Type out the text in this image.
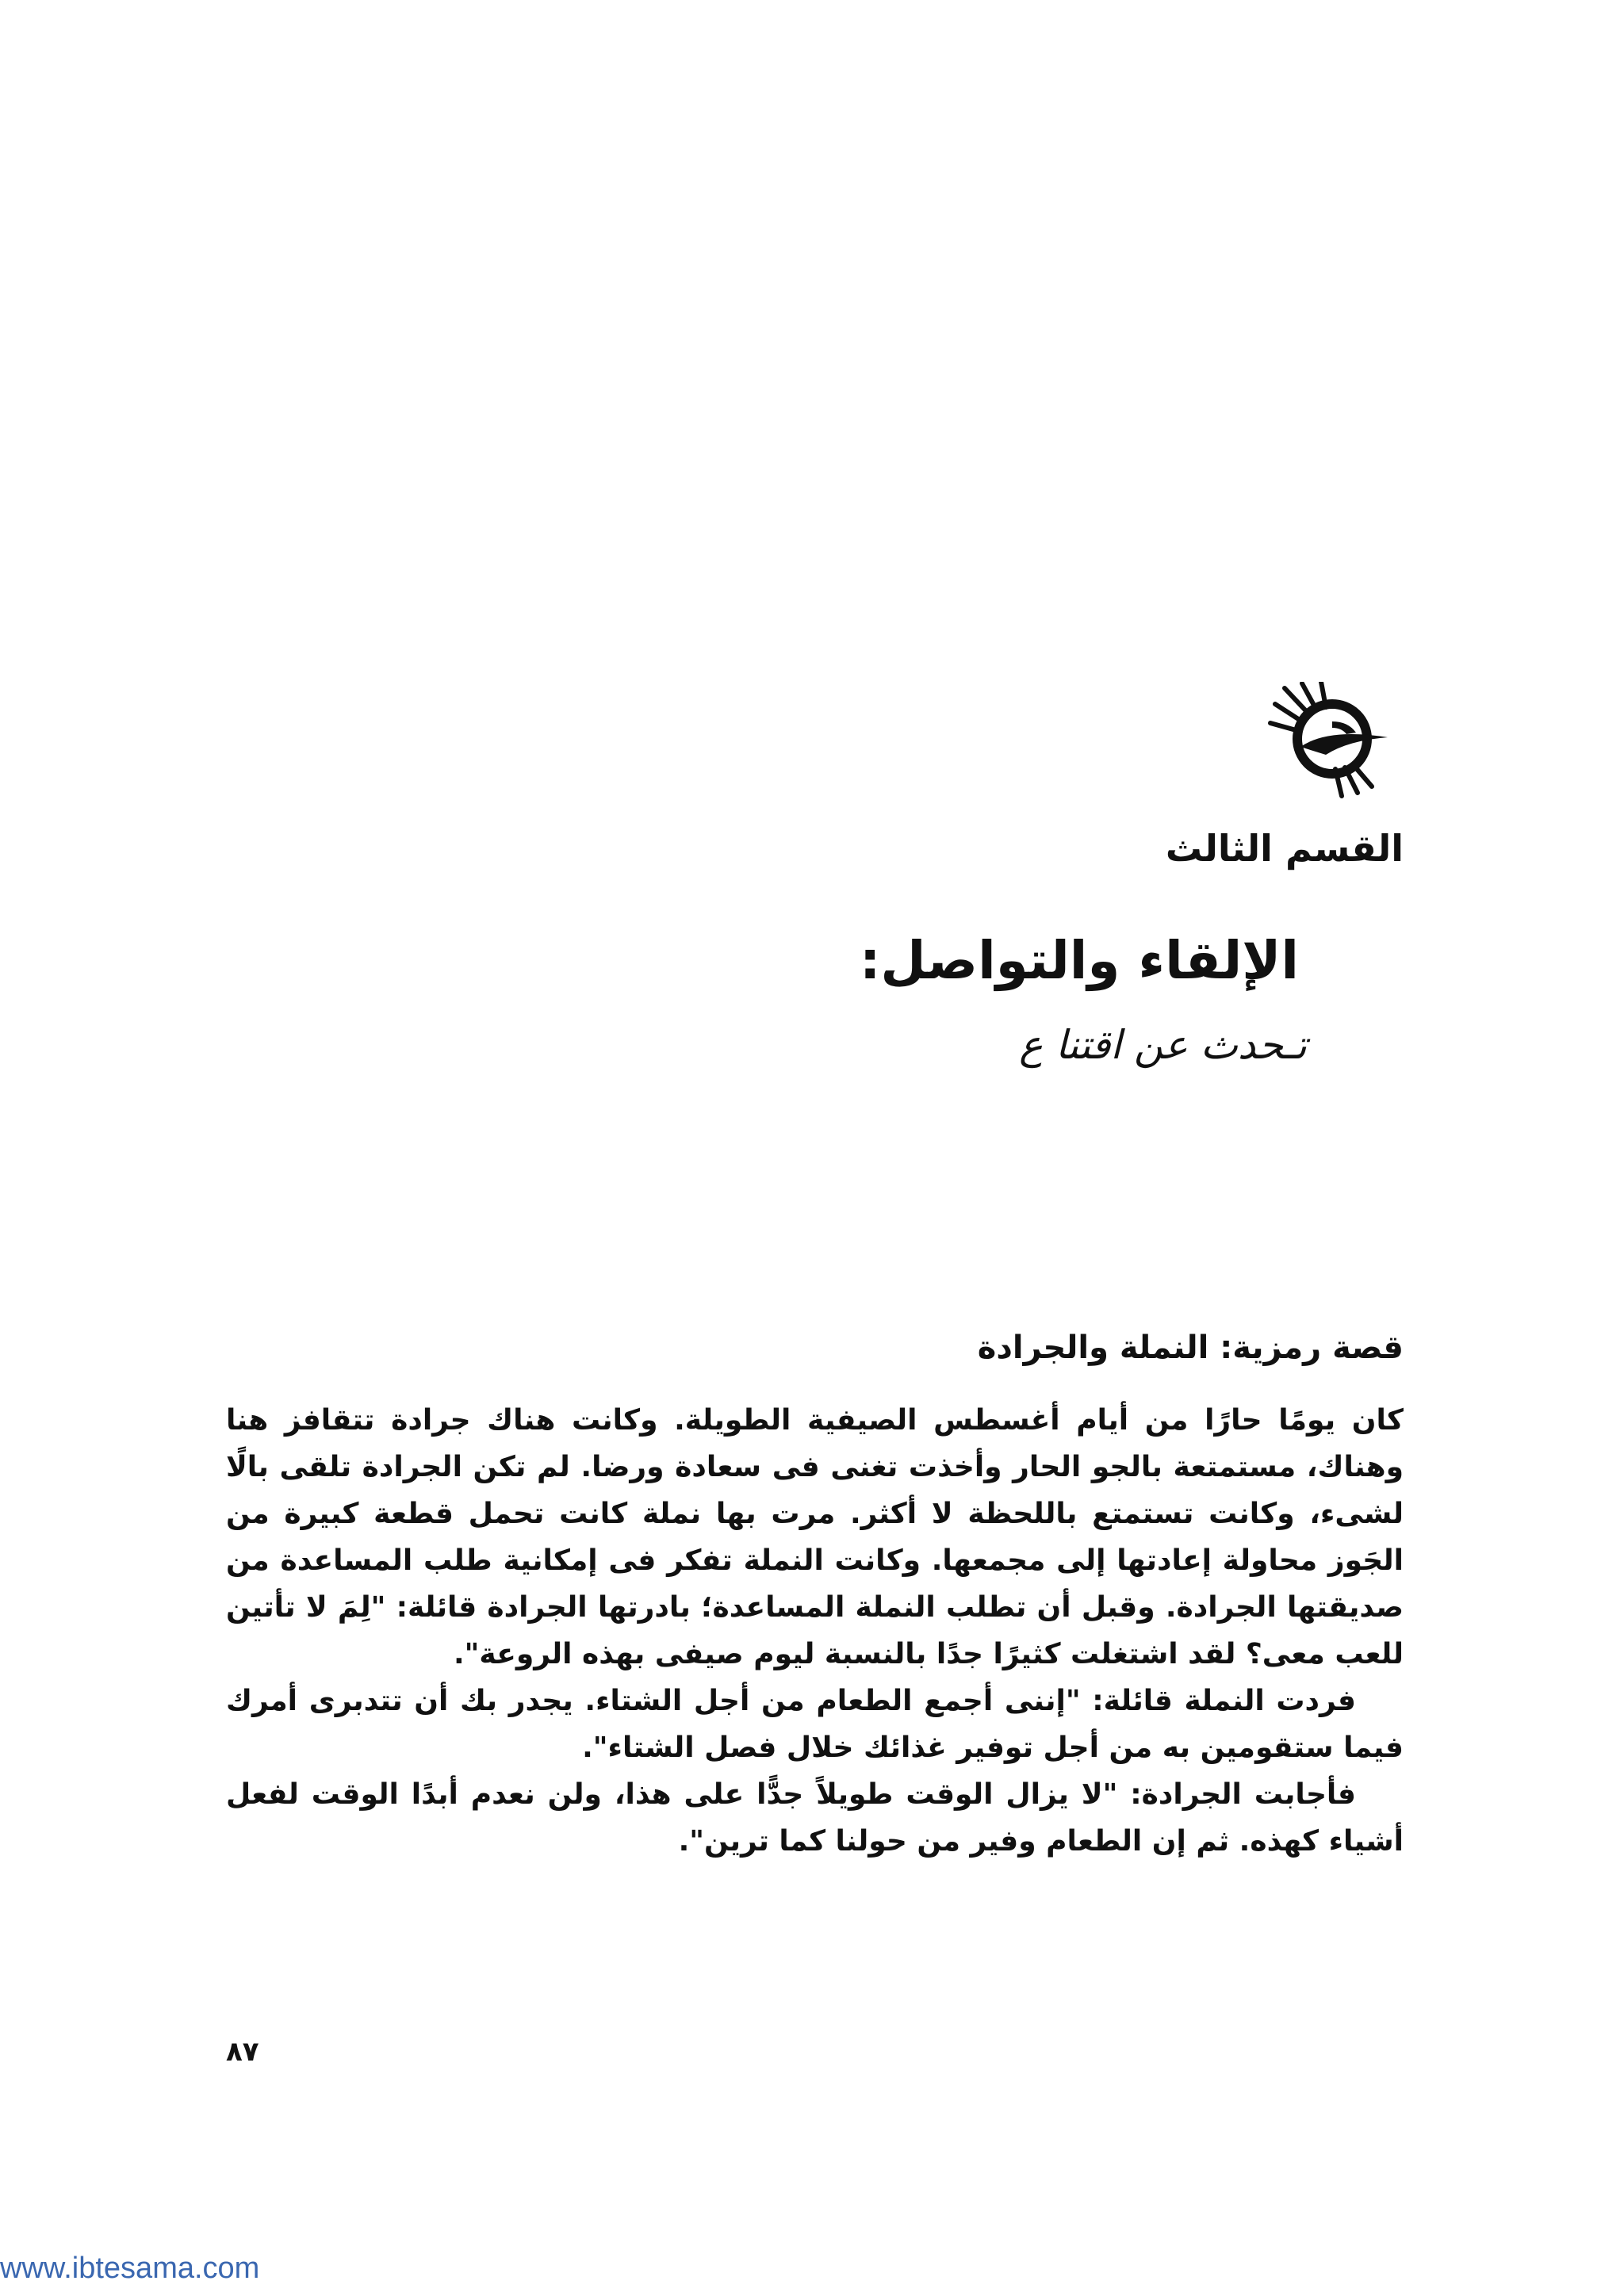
القسم الثالث
الإلقاء والتواصل:
تـحدث عن اقتنا ع
قصة رمزية: النملة والجرادة

كان يومًا حارًا من أيام أغسطس الصيفية الطويلة. وكانت هناك جرادة تتقافز هنا وهناك، مستمتعة بالجو الحار وأخذت تغنى فى سعادة ورضا. لم تكن الجرادة تلقى بالًا لشىء، وكانت تستمتع باللحظة لا أكثر. مرت بها نملة كانت تحمل قطعة كبيرة من الجَوز محاولة إعادتها إلى مجمعها. وكانت النملة تفكر فى إمكانية طلب المساعدة من صديقتها الجرادة. وقبل أن تطلب النملة المساعدة؛ بادرتها الجرادة قائلة: "لِمَ لا تأتين للعب معى؟ لقد اشتغلت كثيرًا جدًا بالنسبة ليوم صيفى بهذه الروعة".

فردت النملة قائلة: "إننى أجمع الطعام من أجل الشتاء. يجدر بك أن تتدبرى أمرك فيما ستقومين به من أجل توفير غذائك خلال فصل الشتاء".

فأجابت الجرادة: "لا يزال الوقت طويلاً جدًّا على هذا، ولن نعدم أبدًا الوقت لفعل أشياء كهذه. ثم إن الطعام وفير من حولنا كما ترين".

٨٧
www.ibtesama.com
